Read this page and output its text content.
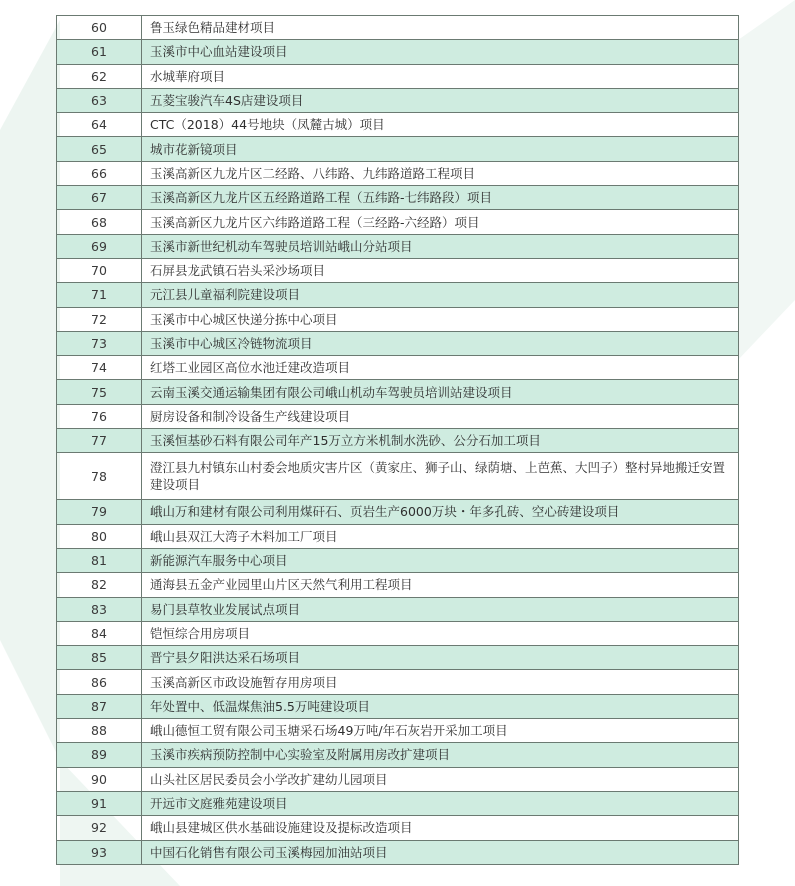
60	鲁玉绿色精品建材项目
61	玉溪市中心血站建设项目
62	水城華府项目
63	五菱宝骏汽车4S店建设项目
64	CTC（2018）44号地块（凤麓古城）项目
65	城市花新镜项目
66	玉溪高新区九龙片区二经路、八纬路、九纬路道路工程项目
67	玉溪高新区九龙片区五经路道路工程（五纬路-七纬路段）项目
68	玉溪高新区九龙片区六纬路道路工程（三经路-六经路）项目
69	玉溪市新世纪机动车驾驶员培训站峨山分站项目
70	石屏县龙武镇石岩头采沙场项目
71	元江县儿童福利院建设项目
72	玉溪市中心城区快递分拣中心项目
73	玉溪市中心城区冷链物流项目
74	红塔工业园区高位水池迁建改造项目
75	云南玉溪交通运输集团有限公司峨山机动车驾驶员培训站建设项目
76	厨房设备和制冷设备生产线建设项目
77	玉溪恒基砂石料有限公司年产15万立方米机制水洗砂、公分石加工项目
78	澄江县九村镇东山村委会地质灾害片区（黄家庄、狮子山、绿荫塘、上芭蕉、大凹子）整村异地搬迁安置建设项目
79	峨山万和建材有限公司利用煤矸石、页岩生产6000万块・年多孔砖、空心砖建设项目
80	峨山县双江大湾子木料加工厂项目
81	新能源汽车服务中心项目
82	通海县五金产业园里山片区天然气利用工程项目
83	易门县草牧业发展试点项目
84	铠恒综合用房项目
85	晋宁县夕阳洪达采石场项目
86	玉溪高新区市政设施暂存用房项目
87	年处置中、低温煤焦油5.5万吨建设项目
88	峨山德恒工贸有限公司玉塘采石场49万吨/年石灰岩开采加工项目
89	玉溪市疾病预防控制中心实验室及附属用房改扩建项目
90	山头社区居民委员会小学改扩建幼儿园项目
91	开远市文庭雅苑建设项目
92	峨山县建城区供水基础设施建设及提标改造项目
93	中国石化销售有限公司玉溪梅园加油站项目
